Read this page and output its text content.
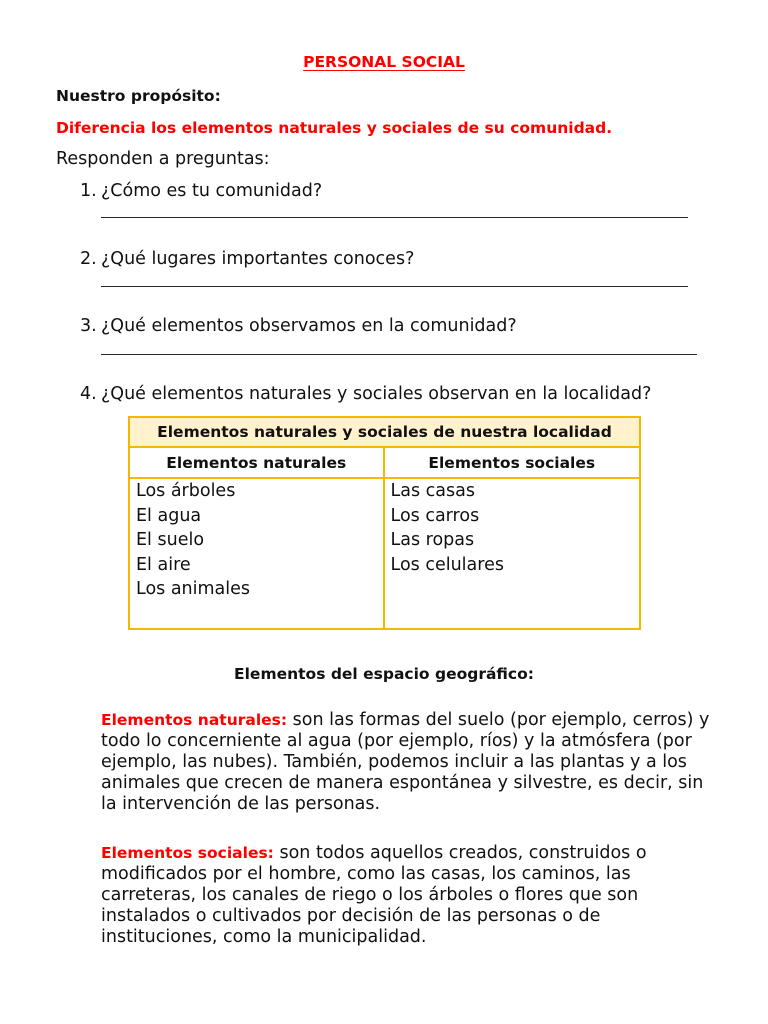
PERSONAL SOCIAL
Nuestro propósito:
Diferencia los elementos naturales y sociales de su comunidad.
Responden a preguntas:
1. ¿Cómo es tu comunidad?
2. ¿Qué lugares importantes conoces?
3. ¿Qué elementos observamos en la comunidad?
4. ¿Qué elementos naturales y sociales observan en la localidad?
Elementos naturales y sociales de nuestra localidad
Elementos naturales	Elementos sociales
Los árboles
El agua
El suelo
El aire
Los animales
Las casas
Los carros
Las ropas
Los celulares
Elementos del espacio geográfico:
Elementos naturales: son las formas del suelo (por ejemplo, cerros) y
todo lo concerniente al agua (por ejemplo, ríos) y la atmósfera (por
ejemplo, las nubes). También, podemos incluir a las plantas y a los
animales que crecen de manera espontánea y silvestre, es decir, sin
la intervención de las personas.
Elementos sociales: son todos aquellos creados, construidos o
modificados por el hombre, como las casas, los caminos, las
carreteras, los canales de riego o los árboles o flores que son
instalados o cultivados por decisión de las personas o de
instituciones, como la municipalidad.
